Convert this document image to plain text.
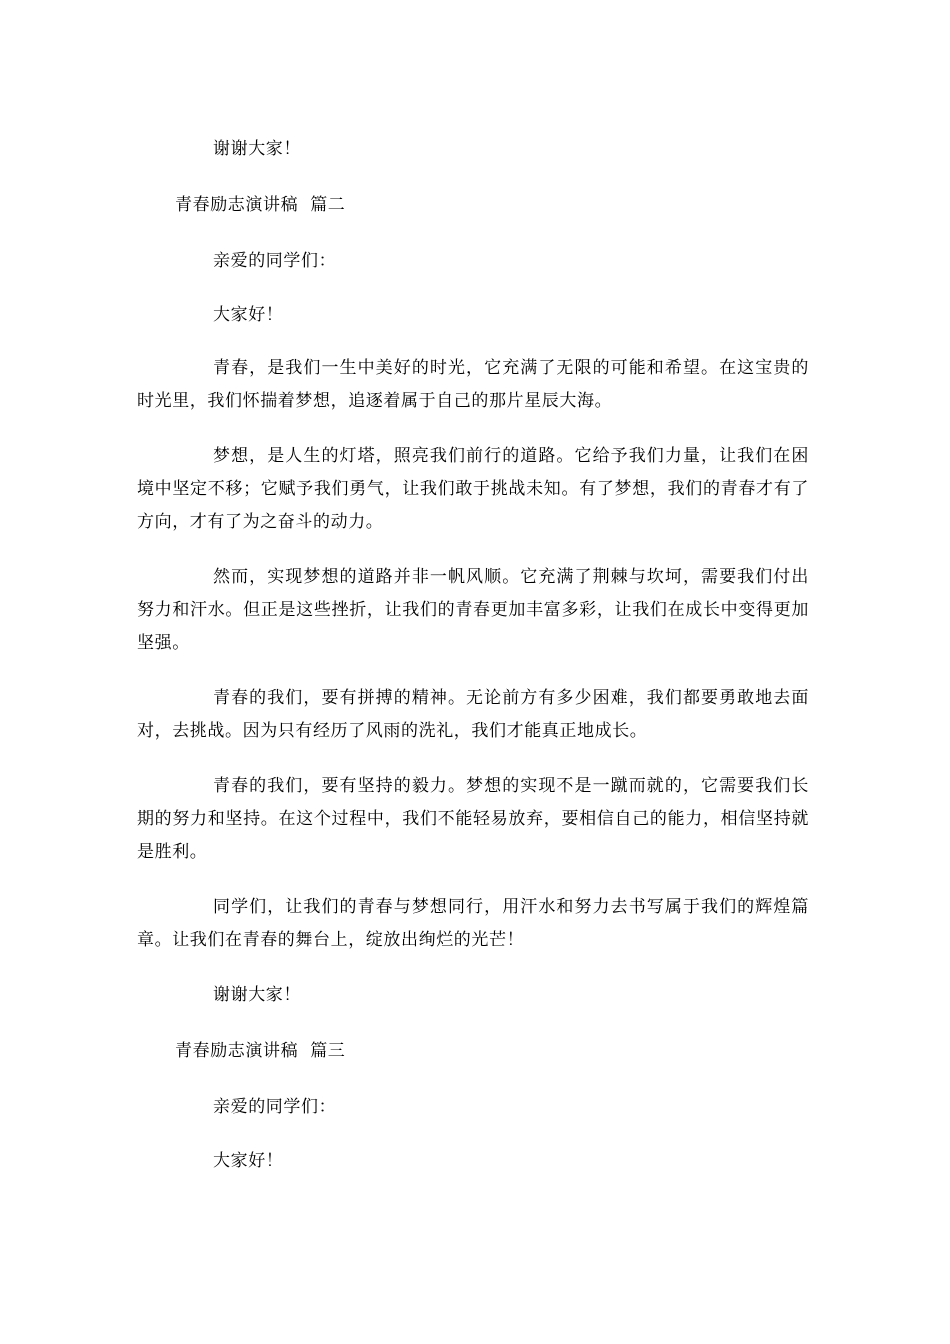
谢谢大家！
青春励志演讲稿  篇二
亲爱的同学们：
大家好！
青春，是我们一生中美好的时光，它充满了无限的可能和希望。在这宝贵的时光里，我们怀揣着梦想，追逐着属于自己的那片星辰大海。
梦想，是人生的灯塔，照亮我们前行的道路。它给予我们力量，让我们在困境中坚定不移；它赋予我们勇气，让我们敢于挑战未知。有了梦想，我们的青春才有了方向，才有了为之奋斗的动力。
然而，实现梦想的道路并非一帆风顺。它充满了荆棘与坎坷，需要我们付出努力和汗水。但正是这些挫折，让我们的青春更加丰富多彩，让我们在成长中变得更加坚强。
青春的我们，要有拼搏的精神。无论前方有多少困难，我们都要勇敢地去面对，去挑战。因为只有经历了风雨的洗礼，我们才能真正地成长。
青春的我们，要有坚持的毅力。梦想的实现不是一蹴而就的，它需要我们长期的努力和坚持。在这个过程中，我们不能轻易放弃，要相信自己的能力，相信坚持就是胜利。
同学们，让我们的青春与梦想同行，用汗水和努力去书写属于我们的辉煌篇章。让我们在青春的舞台上，绽放出绚烂的光芒！
谢谢大家！
青春励志演讲稿  篇三
亲爱的同学们：
大家好！
